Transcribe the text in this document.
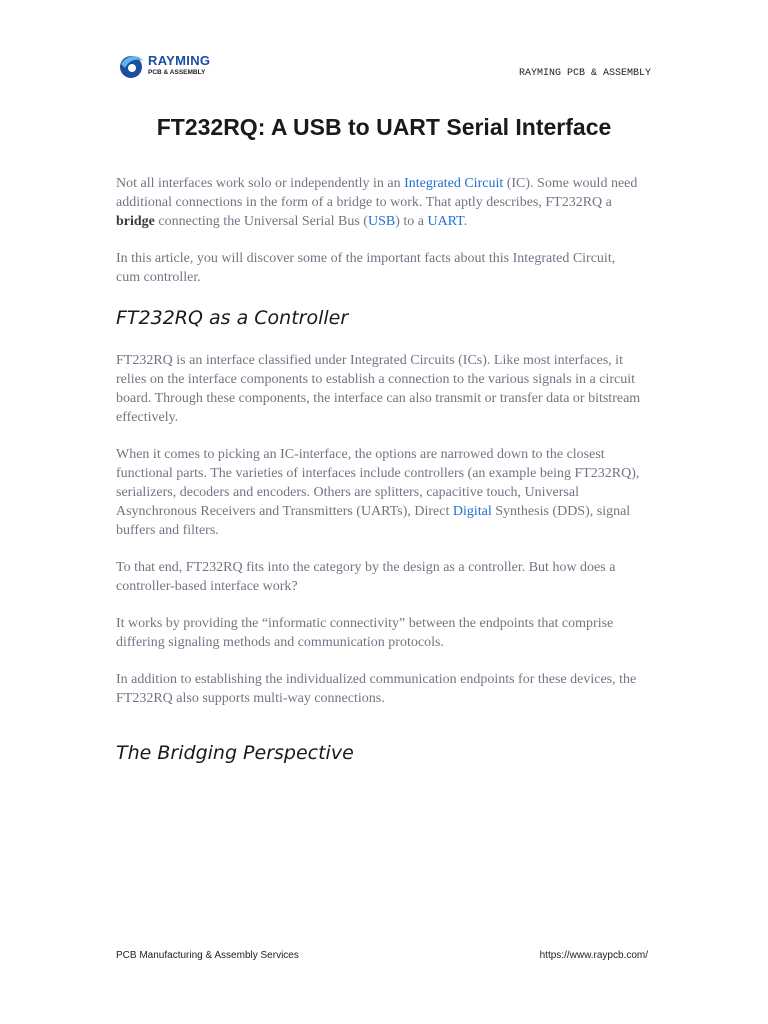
RAYMING
PCB & ASSEMBLY	RAYMING PCB & ASSEMBLY
FT232RQ: A USB to UART Serial Interface

Not all interfaces work solo or independently in an Integrated Circuit (IC). Some would need additional connections in the form of a bridge to work. That aptly describes, FT232RQ a bridge connecting the Universal Serial Bus (USB) to a UART.

In this article, you will discover some of the important facts about this Integrated Circuit, cum controller.

FT232RQ as a Controller

FT232RQ is an interface classified under Integrated Circuits (ICs). Like most interfaces, it relies on the interface components to establish a connection to the various signals in a circuit board. Through these components, the interface can also transmit or transfer data or bitstream effectively.

When it comes to picking an IC-interface, the options are narrowed down to the closest functional parts. The varieties of interfaces include controllers (an example being FT232RQ), serializers, decoders and encoders. Others are splitters, capacitive touch, Universal Asynchronous Receivers and Transmitters (UARTs), Direct Digital Synthesis (DDS), signal buffers and filters.

To that end, FT232RQ fits into the category by the design as a controller. But how does a controller-based interface work?

It works by providing the “informatic connectivity” between the endpoints that comprise differing signaling methods and communication protocols.

In addition to establishing the individualized communication endpoints for these devices, the FT232RQ also supports multi-way connections.

The Bridging Perspective
PCB Manufacturing & Assembly Services	https://www.raypcb.com/
